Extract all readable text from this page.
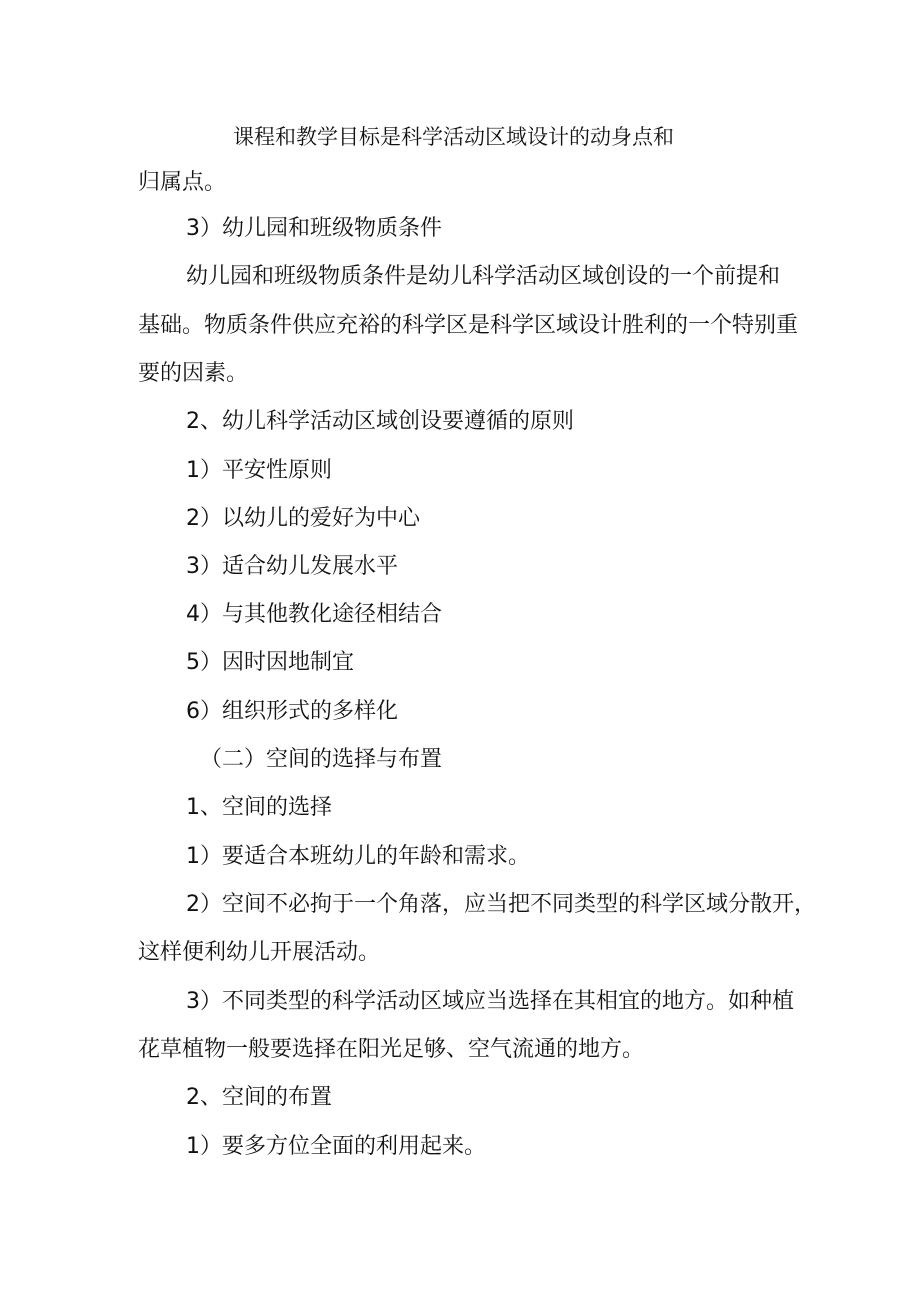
课程和教学目标是科学活动区域设计的动身点和

归属点。

3）幼儿园和班级物质条件

幼儿园和班级物质条件是幼儿科学活动区域创设的一个前提和

基础。物质条件供应充裕的科学区是科学区域设计胜利的一个特别重

要的因素。

2、幼儿科学活动区域创设要遵循的原则

1）平安性原则

2）以幼儿的爱好为中心

3）适合幼儿发展水平

4）与其他教化途径相结合

5）因时因地制宜

6）组织形式的多样化

（二）空间的选择与布置

1、空间的选择

1）要适合本班幼儿的年龄和需求。

2）空间不必拘于一个角落，应当把不同类型的科学区域分散开，

这样便利幼儿开展活动。

3）不同类型的科学活动区域应当选择在其相宜的地方。如种植

花草植物一般要选择在阳光足够、空气流通的地方。

2、空间的布置

1）要多方位全面的利用起来。
